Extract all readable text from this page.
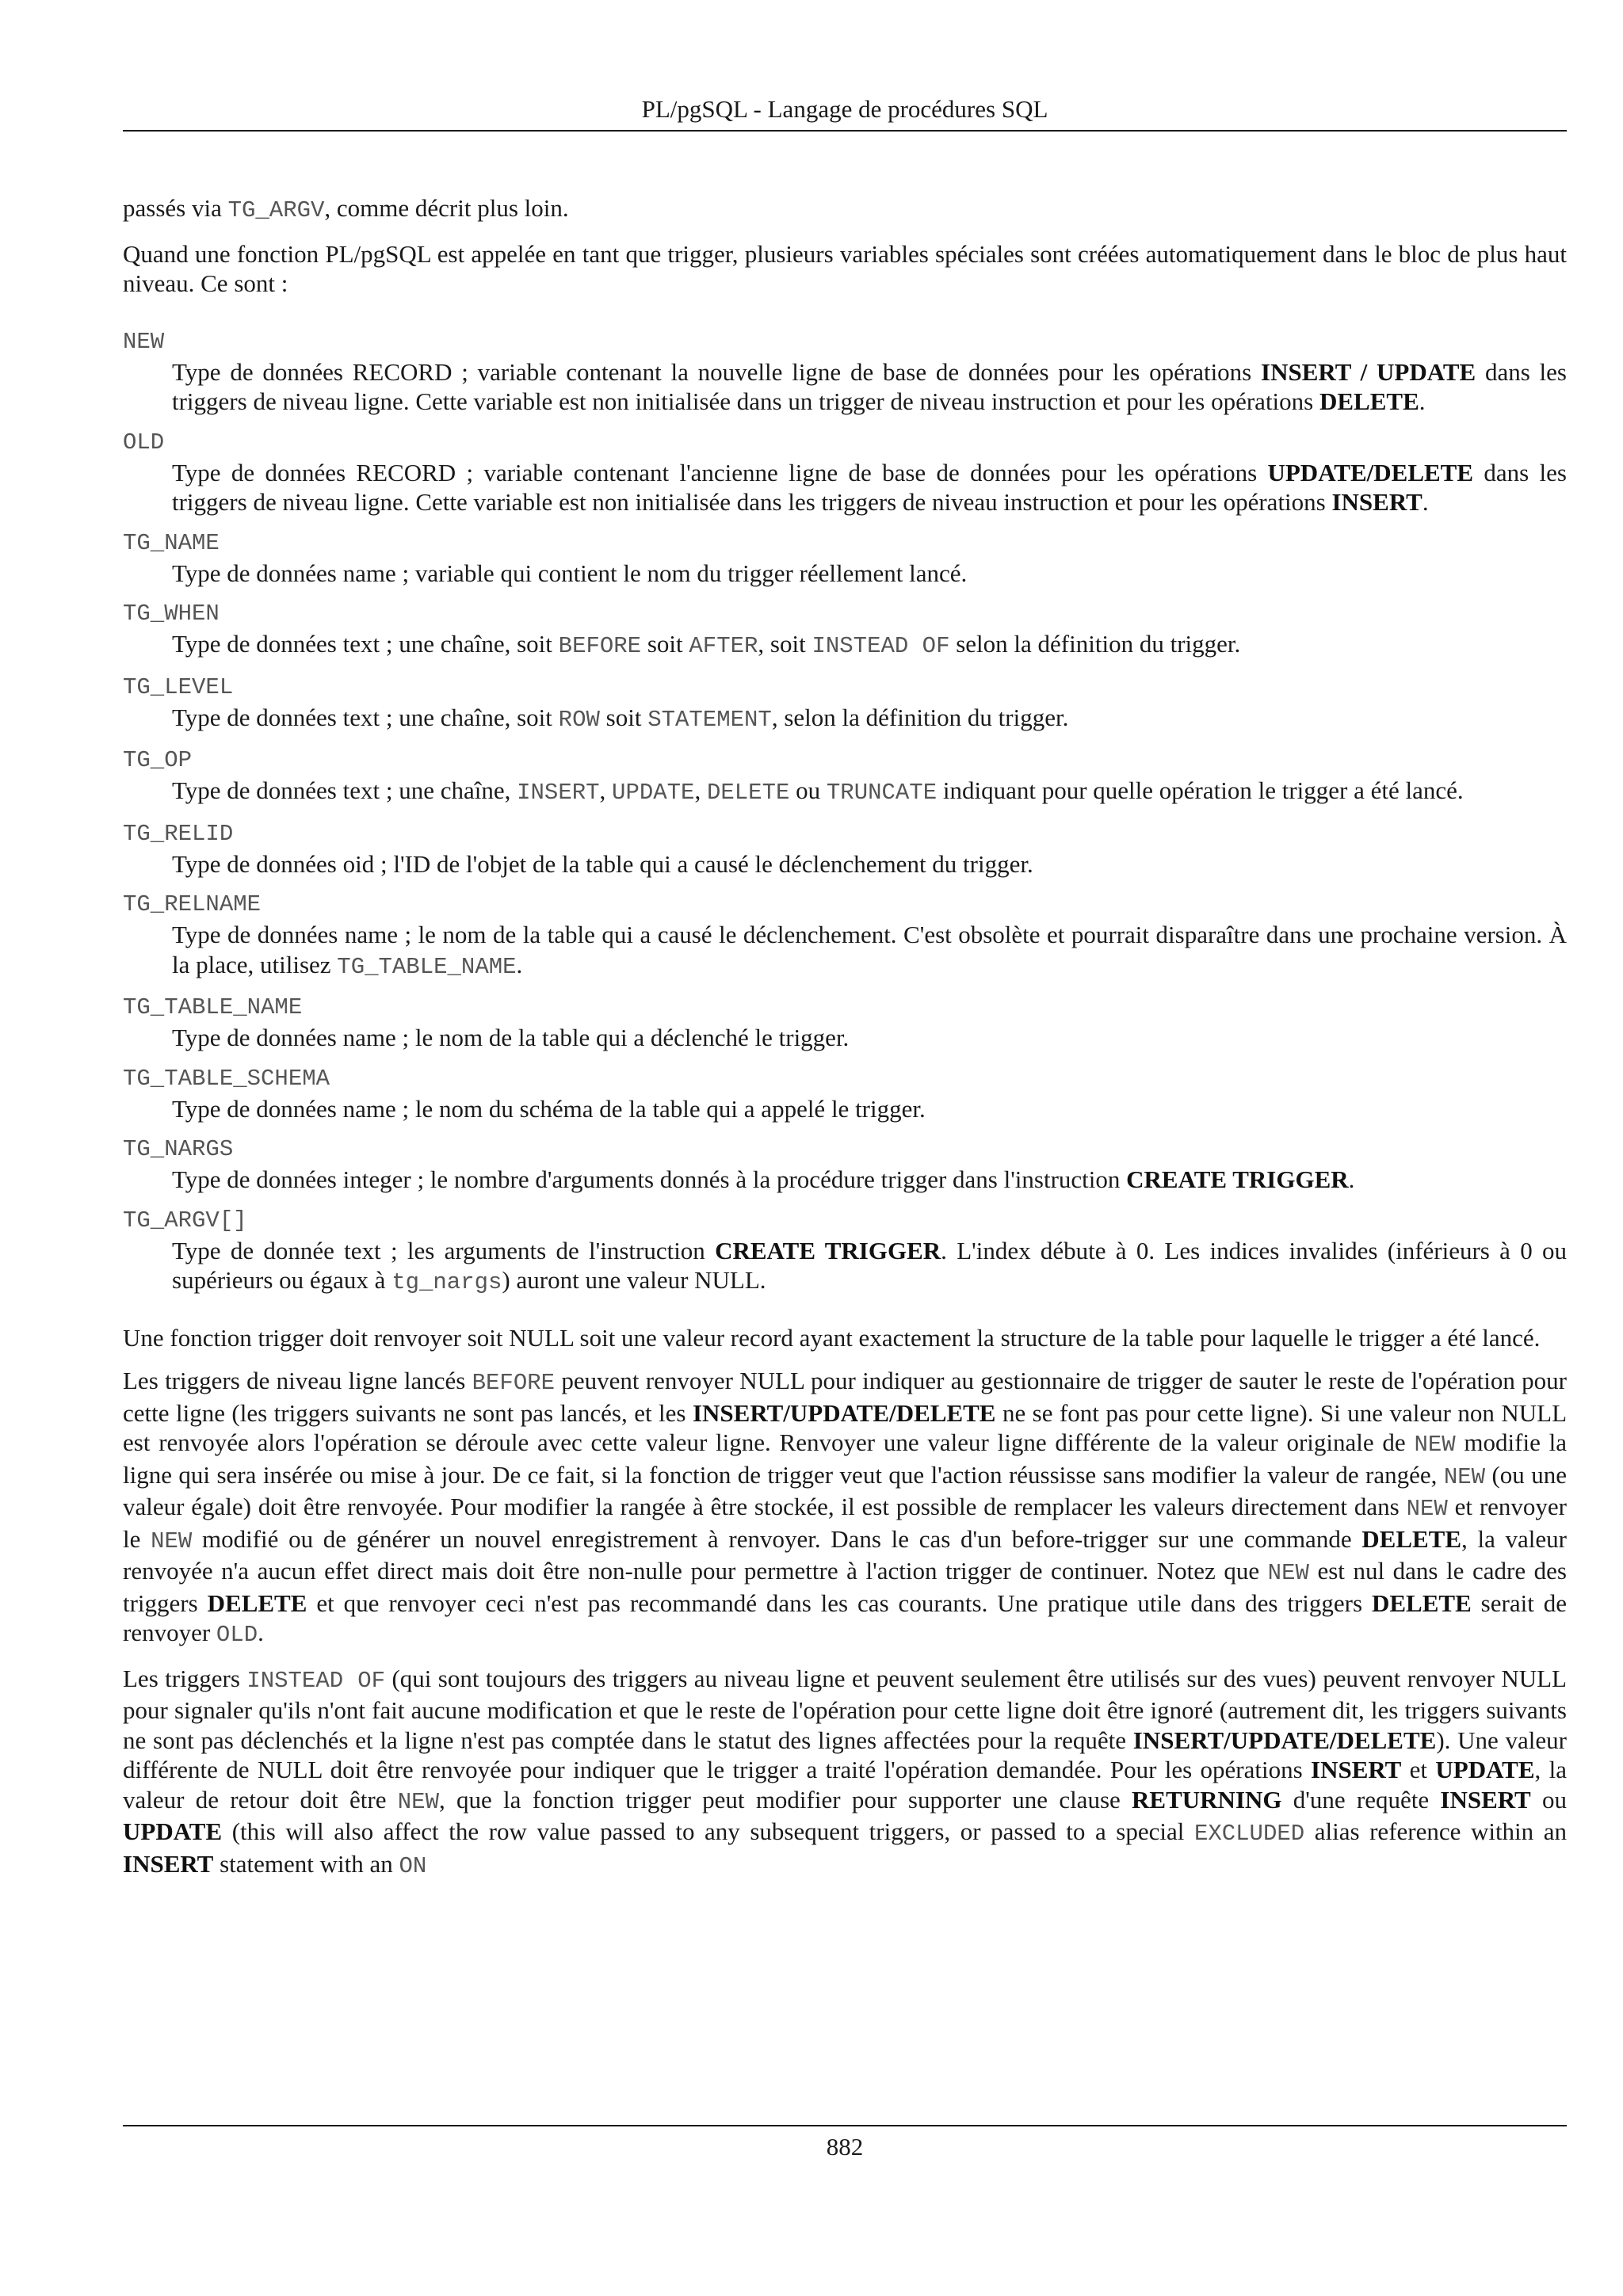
PL/pgSQL - Langage de procédures SQL

passés via TG_ARGV, comme décrit plus loin.

Quand une fonction PL/pgSQL est appelée en tant que trigger, plusieurs variables spéciales sont créées automatiquement dans le bloc de plus haut niveau. Ce sont :

NEW
Type de données RECORD ; variable contenant la nouvelle ligne de base de données pour les opérations INSERT / UPDATE dans les triggers de niveau ligne. Cette variable est non initialisée dans un trigger de niveau instruction et pour les opérations DELETE.
OLD
Type de données RECORD ; variable contenant l'ancienne ligne de base de données pour les opérations UPDATE/DELETE dans les triggers de niveau ligne. Cette variable est non initialisée dans les triggers de niveau instruction et pour les opérations INSERT.
TG_NAME
Type de données name ; variable qui contient le nom du trigger réellement lancé.
TG_WHEN
Type de données text ; une chaîne, soit BEFORE soit AFTER, soit INSTEAD OF selon la définition du trigger.
TG_LEVEL
Type de données text ; une chaîne, soit ROW soit STATEMENT, selon la définition du trigger.
TG_OP
Type de données text ; une chaîne, INSERT, UPDATE, DELETE ou TRUNCATE indiquant pour quelle opération le trigger a été lancé.
TG_RELID
Type de données oid ; l'ID de l'objet de la table qui a causé le déclenchement du trigger.
TG_RELNAME
Type de données name ; le nom de la table qui a causé le déclenchement. C'est obsolète et pourrait disparaître dans une prochaine version. À la place, utilisez TG_TABLE_NAME.
TG_TABLE_NAME
Type de données name ; le nom de la table qui a déclenché le trigger.
TG_TABLE_SCHEMA
Type de données name ; le nom du schéma de la table qui a appelé le trigger.
TG_NARGS
Type de données integer ; le nombre d'arguments donnés à la procédure trigger dans l'instruction CREATE TRIGGER.
TG_ARGV[]
Type de donnée text ; les arguments de l'instruction CREATE TRIGGER. L'index débute à 0. Les indices invalides (inférieurs à 0 ou supérieurs ou égaux à tg_nargs) auront une valeur NULL.

Une fonction trigger doit renvoyer soit NULL soit une valeur record ayant exactement la structure de la table pour laquelle le trigger a été lancé.

Les triggers de niveau ligne lancés BEFORE peuvent renvoyer NULL pour indiquer au gestionnaire de trigger de sauter le reste de l'opération pour cette ligne (les triggers suivants ne sont pas lancés, et les INSERT/UPDATE/DELETE ne se font pas pour cette ligne). Si une valeur non NULL est renvoyée alors l'opération se déroule avec cette valeur ligne. Renvoyer une valeur ligne différente de la valeur originale de NEW modifie la ligne qui sera insérée ou mise à jour. De ce fait, si la fonction de trigger veut que l'action réussisse sans modifier la valeur de rangée, NEW (ou une valeur égale) doit être renvoyée. Pour modifier la rangée à être stockée, il est possible de remplacer les valeurs directement dans NEW et renvoyer le NEW modifié ou de générer un nouvel enregistrement à renvoyer. Dans le cas d'un before-trigger sur une commande DELETE, la valeur renvoyée n'a aucun effet direct mais doit être non-nulle pour permettre à l'action trigger de continuer. Notez que NEW est nul dans le cadre des triggers DELETE et que renvoyer ceci n'est pas recommandé dans les cas courants. Une pratique utile dans des triggers DELETE serait de renvoyer OLD.

Les triggers INSTEAD OF (qui sont toujours des triggers au niveau ligne et peuvent seulement être utilisés sur des vues) peuvent renvoyer NULL pour signaler qu'ils n'ont fait aucune modification et que le reste de l'opération pour cette ligne doit être ignoré (autrement dit, les triggers suivants ne sont pas déclenchés et la ligne n'est pas comptée dans le statut des lignes affectées pour la requête INSERT/UPDATE/DELETE). Une valeur différente de NULL doit être renvoyée pour indiquer que le trigger a traité l'opération demandée. Pour les opérations INSERT et UPDATE, la valeur de retour doit être NEW, que la fonction trigger peut modifier pour supporter une clause RETURNING d'une requête INSERT ou UPDATE (this will also affect the row value passed to any subsequent triggers, or passed to a special EXCLUDED alias reference within an INSERT statement with an ON

882
